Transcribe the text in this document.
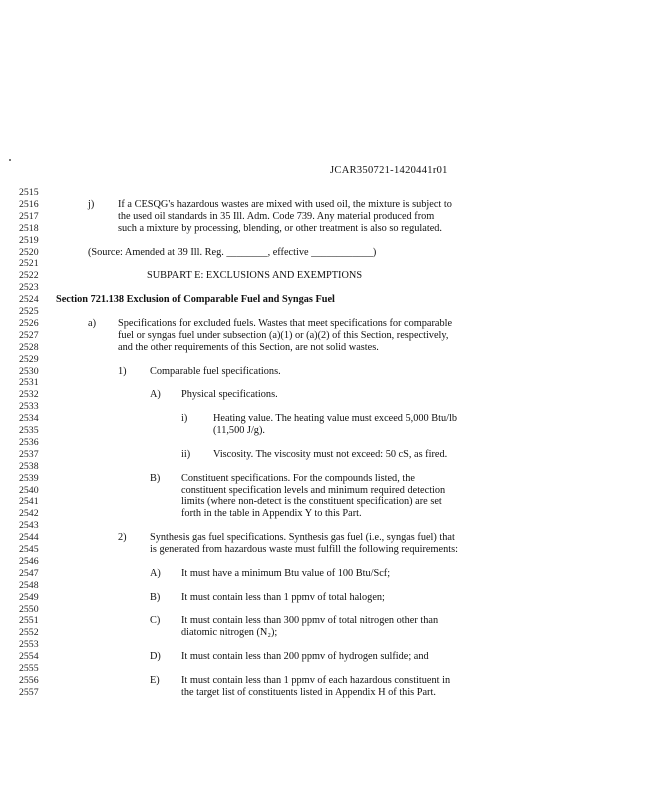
JCAR350721-1420441r01
2515
2516	j) If a CESQG's hazardous wastes are mixed with used oil, the mixture is subject to
2517	the used oil standards in 35 Ill. Adm. Code 739. Any material produced from
2518	such a mixture by processing, blending, or other treatment is also so regulated.
2519
2520	(Source: Amended at 39 Ill. Reg. ________, effective ____________)
2521
2522	SUBPART E: EXCLUSIONS AND EXEMPTIONS
2523
2524	Section 721.138 Exclusion of Comparable Fuel and Syngas Fuel
2525
2526	a) Specifications for excluded fuels. Wastes that meet specifications for comparable
2527	fuel or syngas fuel under subsection (a)(1) or (a)(2) of this Section, respectively,
2528	and the other requirements of this Section, are not solid wastes.
2529
2530	1) Comparable fuel specifications.
2531
2532	A) Physical specifications.
2533
2534	i) Heating value. The heating value must exceed 5,000 Btu/lb
2535	(11,500 J/g).
2536
2537	ii) Viscosity. The viscosity must not exceed: 50 cS, as fired.
2538
2539	B) Constituent specifications. For the compounds listed, the
2540	constituent specification levels and minimum required detection
2541	limits (where non-detect is the constituent specification) are set
2542	forth in the table in Appendix Y to this Part.
2543
2544	2) Synthesis gas fuel specifications. Synthesis gas fuel (i.e., syngas fuel) that
2545	is generated from hazardous waste must fulfill the following requirements:
2546
2547	A) It must have a minimum Btu value of 100 Btu/Scf;
2548
2549	B) It must contain less than 1 ppmv of total halogen;
2550
2551	C) It must contain less than 300 ppmv of total nitrogen other than
2552	diatomic nitrogen (N₂);
2553
2554	D) It must contain less than 200 ppmv of hydrogen sulfide; and
2555
2556	E) It must contain less than 1 ppmv of each hazardous constituent in
2557	the target list of constituents listed in Appendix H of this Part.
